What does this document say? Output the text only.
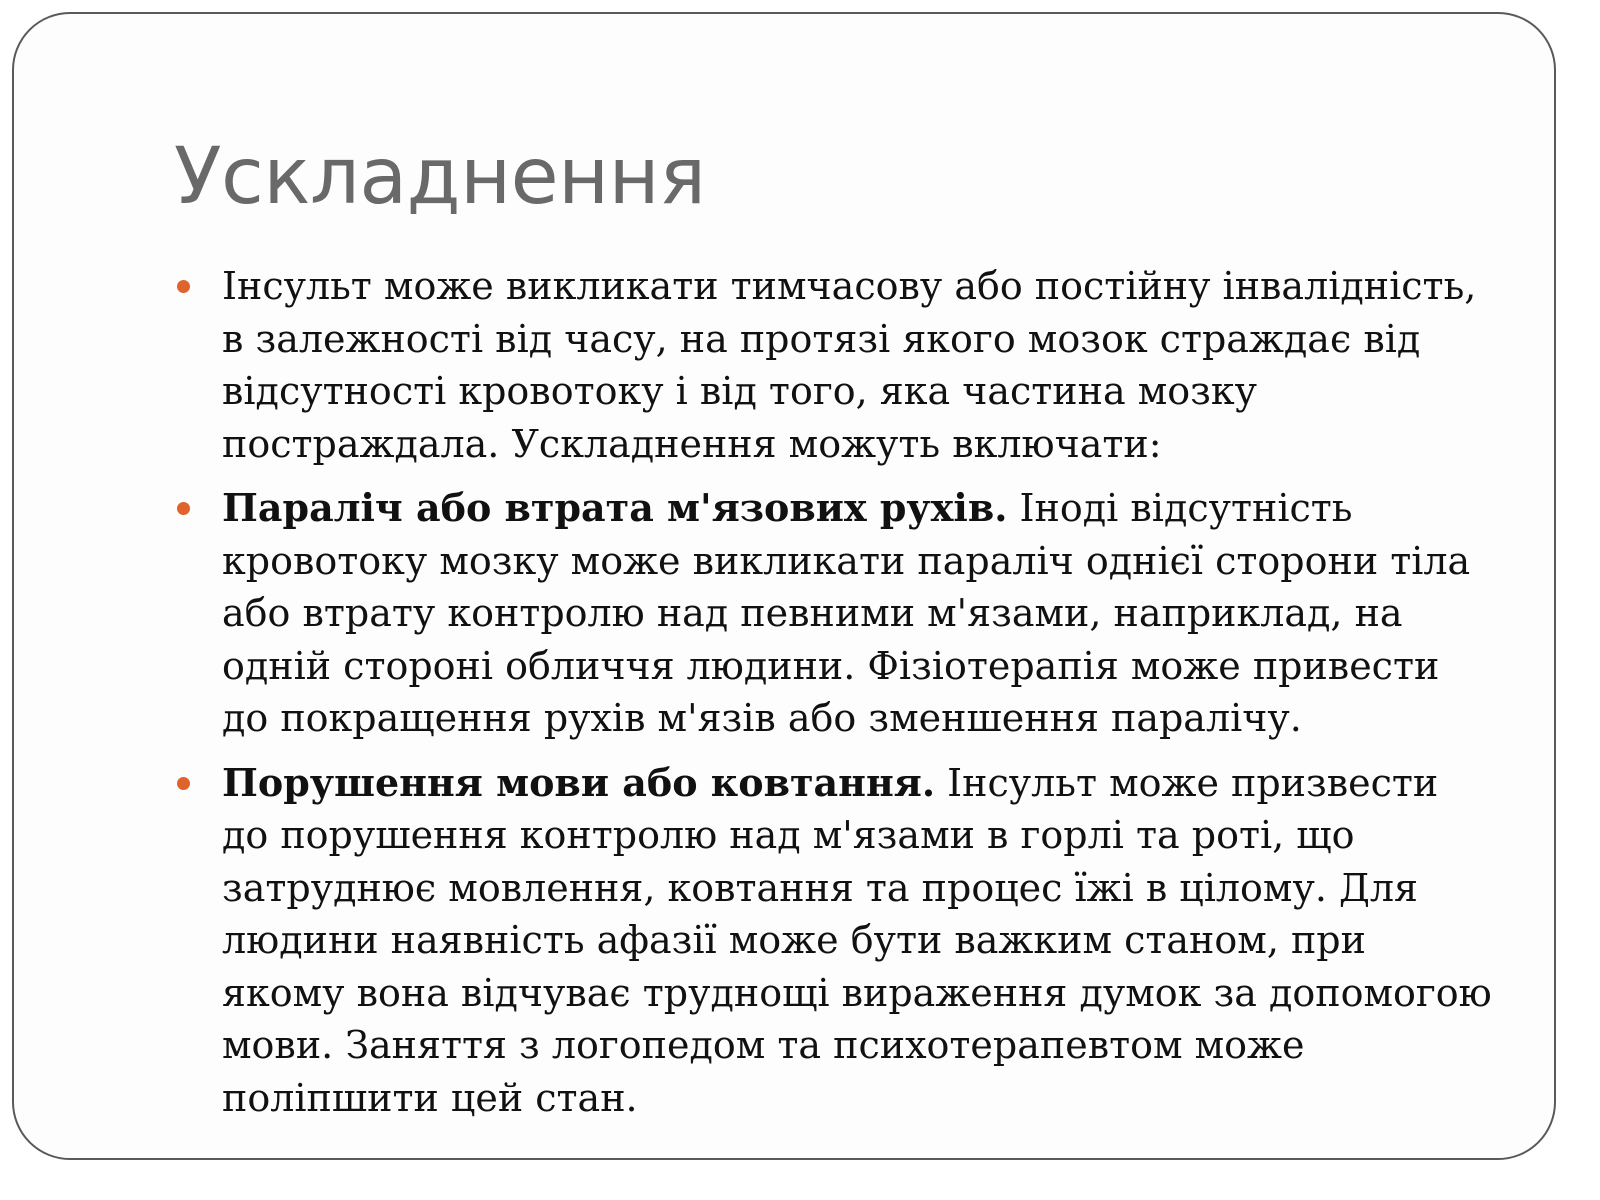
Ускладнення
Інсульт може викликати тимчасову або постійну інвалідність, в залежності від часу, на протязі якого мозок страждає від відсутності кровотоку і від того, яка частина мозку постраждала. Ускладнення можуть включати:
Параліч або втрата м'язових рухів. Іноді відсутність кровотоку мозку може викликати параліч однієї сторони тіла або втрату контролю над певними м'язами, наприклад, на одній стороні обличчя людини. Фізіотерапія може привести до покращення рухів м'язів або зменшення паралічу.
Порушення мови або ковтання. Інсульт може призвести до порушення контролю над м'язами в горлі та роті, що затруднює мовлення, ковтання та процес їжі в цілому. Для людини наявність афазії може бути важким станом, при якому вона відчуває труднощі вираження думок за допомогою мови. Заняття з логопедом та психотерапевтом може поліпшити цей стан.
